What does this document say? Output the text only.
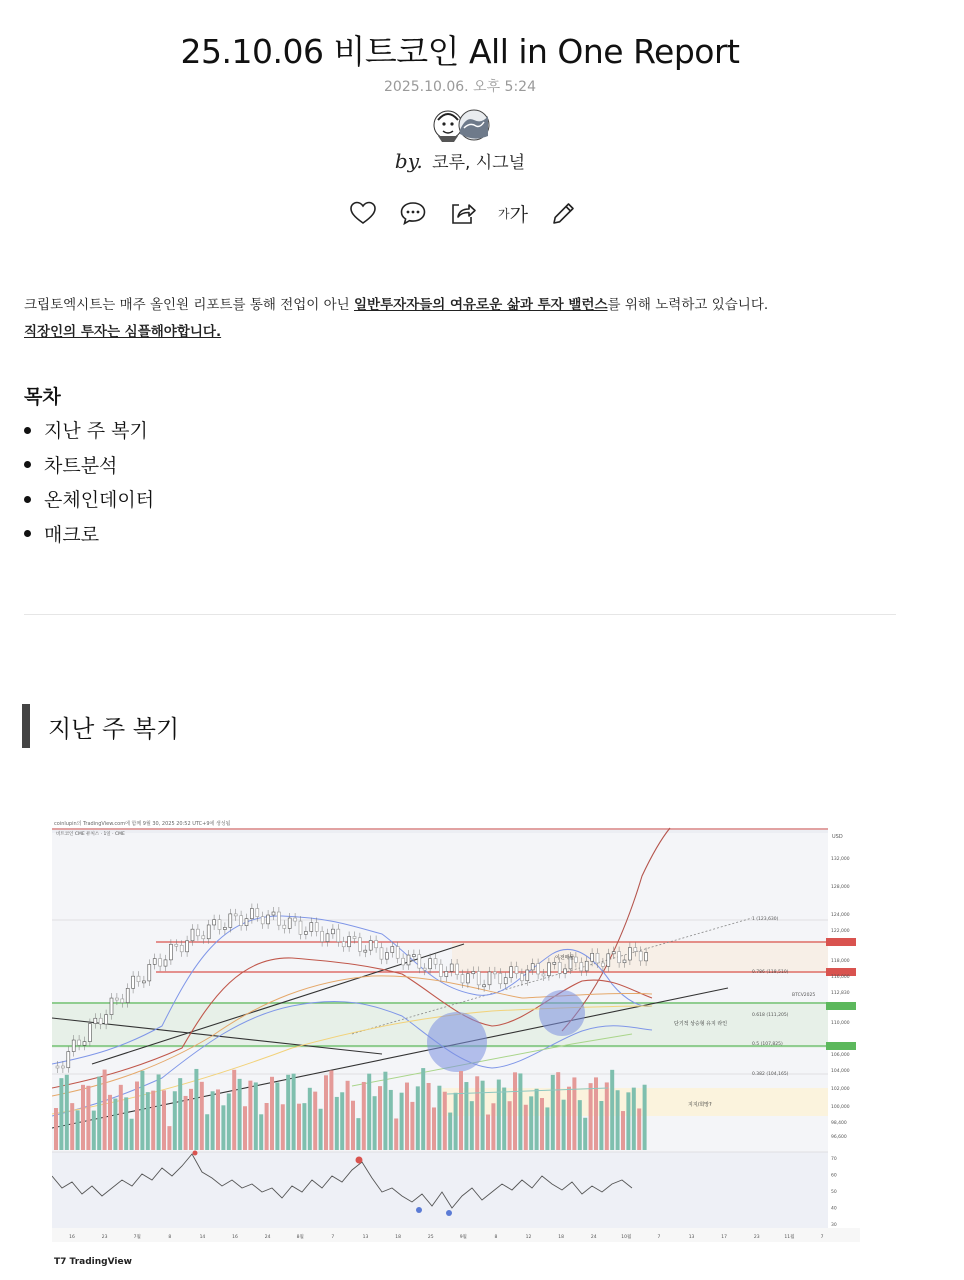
25.10.06 비트코인 All in One Report
2025.10.06. 오후 5:24
by. 코루, 시그널
가 가
크립토엑시트는 매주 올인원 리포트를 통해 전업이 아닌 일반투자자들의 여유로운 삶과 투자 밸런스를 위해 노력하고 있습니다.
직장인의 투자는 심플해야합니다.
목차
지난 주 복기
차트분석
온체인데이터
매크로
지난 주 복기
coinlupin의 TradingView.com에 함께 9월 30, 2025 20:52 UTC+9에 생성됨
비트코인 CME 퓨처스 · 1일 · CME
이전매물
단기적 상승형 유지 라인
지지/희망?
1 (123,630)
0.786 (118,510)
0.618 (111,205)
0.5 (107,825)
0.382 (104,165)
BTCV2025
USD
132,000
128,000
124,000
122,000
118,000
116,000
112,830
110,000
106,000
104,000
102,000
100,000
98,400
96,600
70
60
50
40
30
16	23	7월	8	14	16	24	8월	7	13	18	25	9월	8	12	18	24	10월	7	13	17	23	11월	7
T7 TradingView
